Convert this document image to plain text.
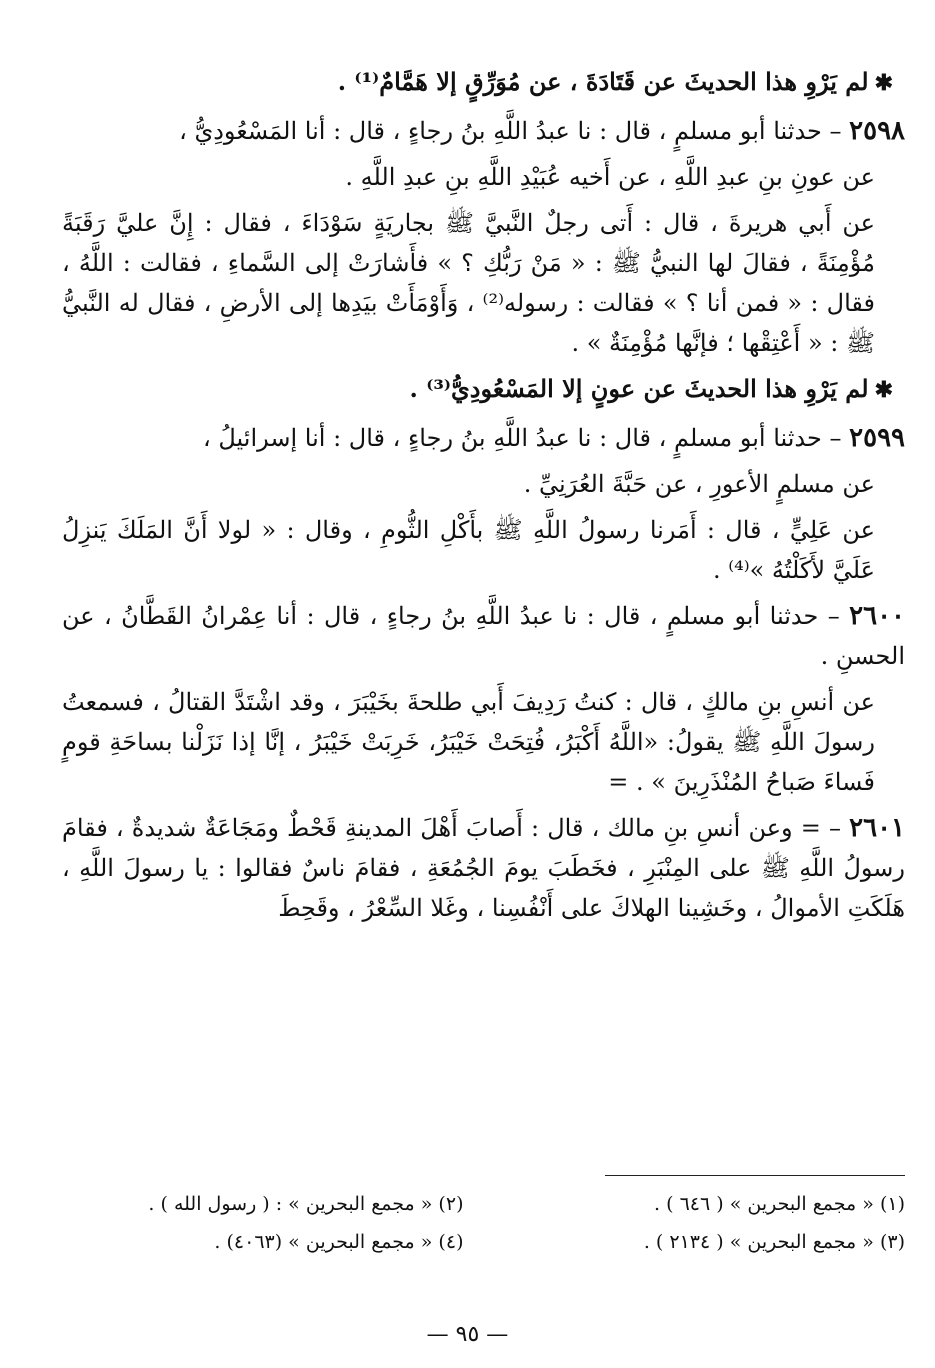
✱لم يَرْوِ هذا الحديثَ عن قَتَادَةَ ، عن مُوَرِّقٍ إلا هَمَّامٌ⁽¹⁾ .

٢٥٩٨ – حدثنا أبو مسلمٍ ، قال : نا عبدُ اللَّهِ بنُ رجاءٍ ، قال : أنا المَسْعُودِيُّ ،

عن عونِ بنِ عبدِ اللَّهِ ، عن أَخيه عُبَيْدِ اللَّهِ بنِ عبدِ اللَّهِ .

عن أَبي هريرةَ ، قال : أَتى رجلٌ النَّبيَّ ﷺ بجاريَةٍ سَوْدَاءَ ، فقال : إِنَّ عليَّ رَقَبَةً مُؤْمِنَةً ، فقالَ لها النبيُّ ﷺ : « مَنْ رَبُّكِ ؟ » فأَشارَتْ إلى السَّماءِ ، فقالت : اللَّهُ ، فقال : « فمن أنا ؟ » فقالت : رسوله⁽²⁾ ، وَأَوْمَأَتْ بيَدِها إلى الأرضِ ، فقال له النَّبيُّ ﷺ : « أَعْتِقْها ؛ فإنَّها مُؤْمِنَةٌ » .

✱لم يَرْوِ هذا الحديثَ عن عونٍ إلا المَسْعُودِيُّ⁽³⁾ .

٢٥٩٩ – حدثنا أبو مسلمٍ ، قال : نا عبدُ اللَّهِ بنُ رجاءٍ ، قال : أنا إسرائيلُ ،

عن مسلمٍ الأعورِ ، عن حَبَّةَ العُرَنِيِّ .

عن عَلِيٍّ ، قال : أَمَرنا رسولُ اللَّهِ ﷺ بأَكْلِ الثُّومِ ، وقال : « لولا أَنَّ المَلَكَ يَنزِلُ عَلَيَّ لأَكَلْتُهُ »⁽⁴⁾ .

٢٦٠٠ – حدثنا أبو مسلمٍ ، قال : نا عبدُ اللَّهِ بنُ رجاءٍ ، قال : أنا عِمْرانُ القَطَّانُ ، عن الحسنِ .

عن أنسِ بنِ مالكٍ ، قال : كنتُ رَدِيفَ أَبي طلحةَ بخَيْبَرَ ، وقد اشْتَدَّ القتالُ ، فسمعتُ رسولَ اللَّهِ ﷺ يقولُ: «اللَّهُ أَكْبَرُ، فُتِحَتْ خَيْبَرُ، خَرِبَتْ خَيْبَرُ ، إنَّا إذا نَزَلْنا بساحَةِ قومٍ فَساءَ صَباحُ المُنْذَرِينَ » . =

٢٦٠١ – = وعن أنسِ بنِ مالك ، قال : أَصابَ أَهْلَ المدينةِ قَحْطٌ ومَجَاعَةٌ شديدةٌ ، فقامَ رسولُ اللَّهِ ﷺ على المِنْبَرِ ، فخَطَبَ يومَ الجُمُعَةِ ، فقامَ ناسٌ فقالوا : يا رسولَ اللَّهِ ، هَلَكَتِ الأموالُ ، وخَشِينا الهلاكَ على أَنْفُسِنا ، وغَلا السِّعْرُ ، وقَحِطَ

(١) « مجمع البحرين » ( ٦٤٦ ) .
(٢) « مجمع البحرين » : ( رسول الله ) .
(٣) « مجمع البحرين » ( ٢١٣٤ ) .
(٤) « مجمع البحرين » (٤٠٦٣) .
— ٩٥ —
